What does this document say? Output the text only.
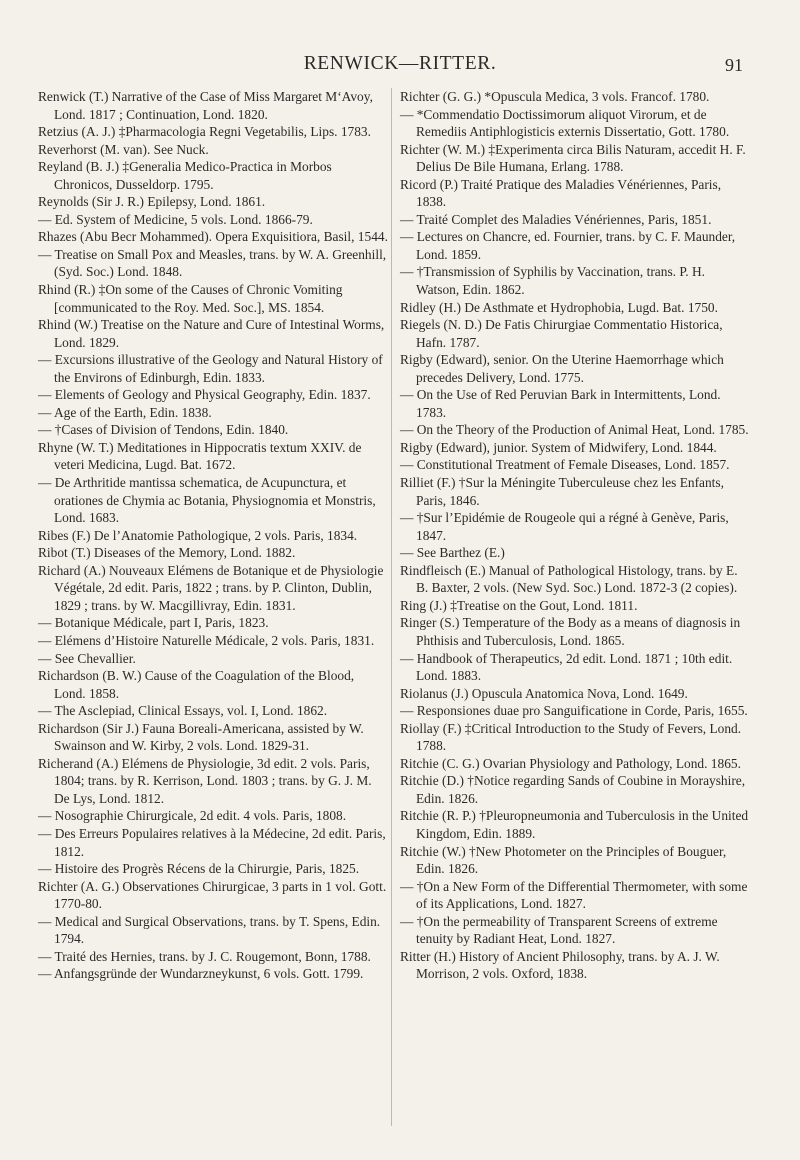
RENWICK—RITTER.	91

Renwick (T.) Narrative of the Case of Miss Margaret M‘Avoy, Lond. 1817 ; Continuation, Lond. 1820.

Retzius (A. J.) ‡Pharmacologia Regni Vegetabilis, Lips. 1783.

Reverhorst (M. van). See Nuck.

Reyland (B. J.) ‡Generalia Medico-Practica in Morbos Chronicos, Dusseldorp. 1795.

Reynolds (Sir J. R.) Epilepsy, Lond. 1861.

— Ed. System of Medicine, 5 vols. Lond. 1866-79.

Rhazes (Abu Becr Mohammed). Opera Exquisitiora, Basil, 1544.

— Treatise on Small Pox and Measles, trans. by W. A. Greenhill, (Syd. Soc.) Lond. 1848.

Rhind (R.) ‡On some of the Causes of Chronic Vomiting [communicated to the Roy. Med. Soc.], MS. 1854.

Rhind (W.) Treatise on the Nature and Cure of Intestinal Worms, Lond. 1829.

— Excursions illustrative of the Geology and Natural History of the Environs of Edinburgh, Edin. 1833.

— Elements of Geology and Physical Geography, Edin. 1837.

— Age of the Earth, Edin. 1838.

— †Cases of Division of Tendons, Edin. 1840.

Rhyne (W. T.) Meditationes in Hippocratis textum XXIV. de veteri Medicina, Lugd. Bat. 1672.

— De Arthritide mantissa schematica, de Acupunctura, et orationes de Chymia ac Botania, Physiognomia et Monstris, Lond. 1683.

Ribes (F.) De l’Anatomie Pathologique, 2 vols. Paris, 1834.

Ribot (T.) Diseases of the Memory, Lond. 1882.

Richard (A.) Nouveaux Elémens de Botanique et de Physiologie Végétale, 2d edit. Paris, 1822 ; trans. by P. Clinton, Dublin, 1829 ; trans. by W. Macgillivray, Edin. 1831.

— Botanique Médicale, part I, Paris, 1823.

— Elémens d’Histoire Naturelle Médicale, 2 vols. Paris, 1831.

— See Chevallier.

Richardson (B. W.) Cause of the Coagulation of the Blood, Lond. 1858.

— The Asclepiad, Clinical Essays, vol. I, Lond. 1862.

Richardson (Sir J.) Fauna Boreali-Americana, assisted by W. Swainson and W. Kirby, 2 vols. Lond. 1829-31.

Richerand (A.) Elémens de Physiologie, 3d edit. 2 vols. Paris, 1804; trans. by R. Kerrison, Lond. 1803 ; trans. by G. J. M. De Lys, Lond. 1812.

— Nosographie Chirurgicale, 2d edit. 4 vols. Paris, 1808.

— Des Erreurs Populaires relatives à la Médecine, 2d edit. Paris, 1812.

— Histoire des Progrès Récens de la Chirurgie, Paris, 1825.

Richter (A. G.) Observationes Chirurgicae, 3 parts in 1 vol. Gott. 1770-80.

— Medical and Surgical Observations, trans. by T. Spens, Edin. 1794.

— Traité des Hernies, trans. by J. C. Rougemont, Bonn, 1788.

— Anfangsgründe der Wundarzneykunst, 6 vols. Gott. 1799.

Richter (G. G.) *Opuscula Medica, 3 vols. Francof. 1780.

— *Commendatio Doctissimorum aliquot Virorum, et de Remediis Antiphlogisticis externis Dissertatio, Gott. 1780.

Richter (W. M.) ‡Experimenta circa Bilis Naturam, accedit H. F. Delius De Bile Humana, Erlang. 1788.

Ricord (P.) Traité Pratique des Maladies Vénériennes, Paris, 1838.

— Traité Complet des Maladies Vénériennes, Paris, 1851.

— Lectures on Chancre, ed. Fournier, trans. by C. F. Maunder, Lond. 1859.

— †Transmission of Syphilis by Vaccination, trans. P. H. Watson, Edin. 1862.

Ridley (H.) De Asthmate et Hydrophobia, Lugd. Bat. 1750.

Riegels (N. D.) De Fatis Chirurgiae Commentatio Historica, Hafn. 1787.

Rigby (Edward), senior. On the Uterine Haemorrhage which precedes Delivery, Lond. 1775.

— On the Use of Red Peruvian Bark in Intermittents, Lond. 1783.

— On the Theory of the Production of Animal Heat, Lond. 1785.

Rigby (Edward), junior. System of Midwifery, Lond. 1844.

— Constitutional Treatment of Female Diseases, Lond. 1857.

Rilliet (F.) †Sur la Méningite Tuberculeuse chez les Enfants, Paris, 1846.

— †Sur l’Epidémie de Rougeole qui a régné à Genève, Paris, 1847.

— See Barthez (E.)

Rindfleisch (E.) Manual of Pathological Histology, trans. by E. B. Baxter, 2 vols. (New Syd. Soc.) Lond. 1872-3 (2 copies).

Ring (J.) ‡Treatise on the Gout, Lond. 1811.

Ringer (S.) Temperature of the Body as a means of diagnosis in Phthisis and Tuberculosis, Lond. 1865.

— Handbook of Therapeutics, 2d edit. Lond. 1871 ; 10th edit. Lond. 1883.

Riolanus (J.) Opuscula Anatomica Nova, Lond. 1649.

— Responsiones duae pro Sanguificatione in Corde, Paris, 1655.

Riollay (F.) ‡Critical Introduction to the Study of Fevers, Lond. 1788.

Ritchie (C. G.) Ovarian Physiology and Pathology, Lond. 1865.

Ritchie (D.) †Notice regarding Sands of Coubine in Morayshire, Edin. 1826.

Ritchie (R. P.) †Pleuropneumonia and Tuberculosis in the United Kingdom, Edin. 1889.

Ritchie (W.) †New Photometer on the Principles of Bouguer, Edin. 1826.

— †On a New Form of the Differential Thermometer, with some of its Applications, Lond. 1827.

— †On the permeability of Transparent Screens of extreme tenuity by Radiant Heat, Lond. 1827.

Ritter (H.) History of Ancient Philosophy, trans. by A. J. W. Morrison, 2 vols. Oxford, 1838.
